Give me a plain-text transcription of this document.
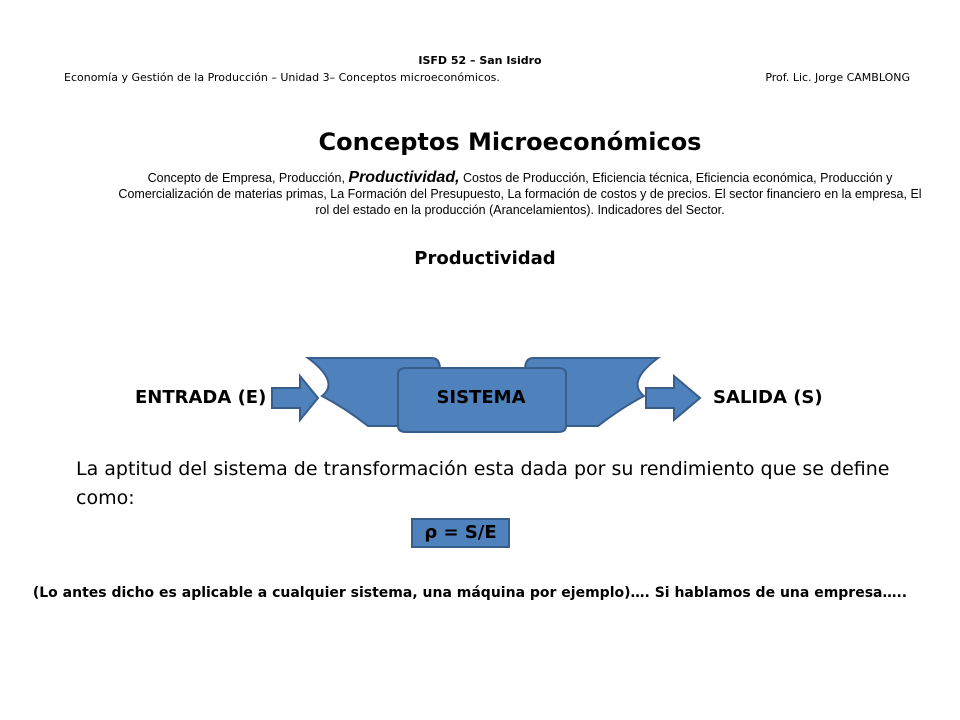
ISFD 52 – San Isidro
Economía y Gestión de la Producción – Unidad 3– Conceptos microeconómicos.	Prof. Lic. Jorge CAMBLONG
Conceptos Microeconómicos
Concepto de Empresa, Producción, Productividad, Costos de Producción, Eficiencia técnica, Eficiencia económica, Producción y Comercialización de materias primas, La Formación del Presupuesto, La formación de costos y de precios. El sector financiero en la empresa, El rol del estado en la producción (Arancelamientos). Indicadores del Sector.
Productividad
ENTRADA (E)	SISTEMA	SALIDA (S)
La aptitud del sistema de transformación esta dada por su rendimiento que se define como:
ρ = S/E
(Lo antes dicho es aplicable a cualquier sistema, una máquina por ejemplo)…. Si hablamos de una empresa…..
